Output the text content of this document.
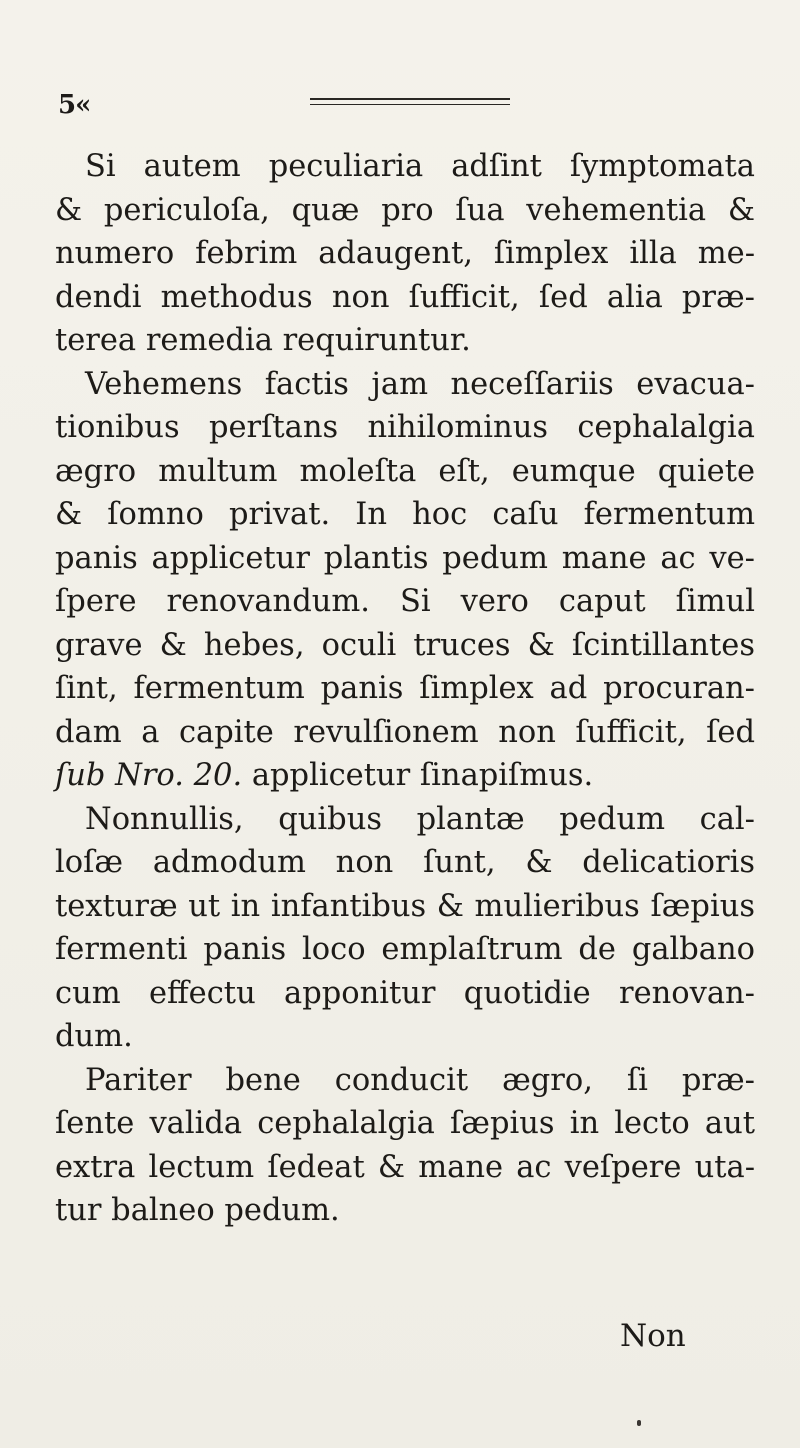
5«
Si autem peculiaria adſint ſymptomata
& periculoſa, quæ pro ſua vehementia &
numero febrim adaugent, ſimplex illa me-
dendi methodus non ſufficit, ſed alia præ-
terea remedia requiruntur.
Vehemens factis jam neceſſariis evacua-
tionibus perſtans nihilominus cephalalgia
ægro multum moleſta eſt, eumque quiete
& ſomno privat. In hoc caſu fermentum
panis applicetur plantis pedum mane ac ve-
ſpere renovandum. Si vero caput ſimul
grave & hebes, oculi truces & ſcintillantes
ſint, fermentum panis ſimplex ad procuran-
dam a capite revulſionem non ſufficit, ſed
ſub Nro. 20. applicetur ſinapiſmus.
Nonnullis, quibus plantæ pedum cal-
loſæ admodum non ſunt, & delicatioris
texturæ ut in infantibus & mulieribus ſæpius
fermenti panis loco emplaſtrum de galbano
cum effectu apponitur quotidie renovan-
dum.
Pariter bene conducit ægro, ſi præ-
ſente valida cephalalgia ſæpius in lecto aut
extra lectum ſedeat & mane ac veſpere uta-
tur balneo pedum.
Non
